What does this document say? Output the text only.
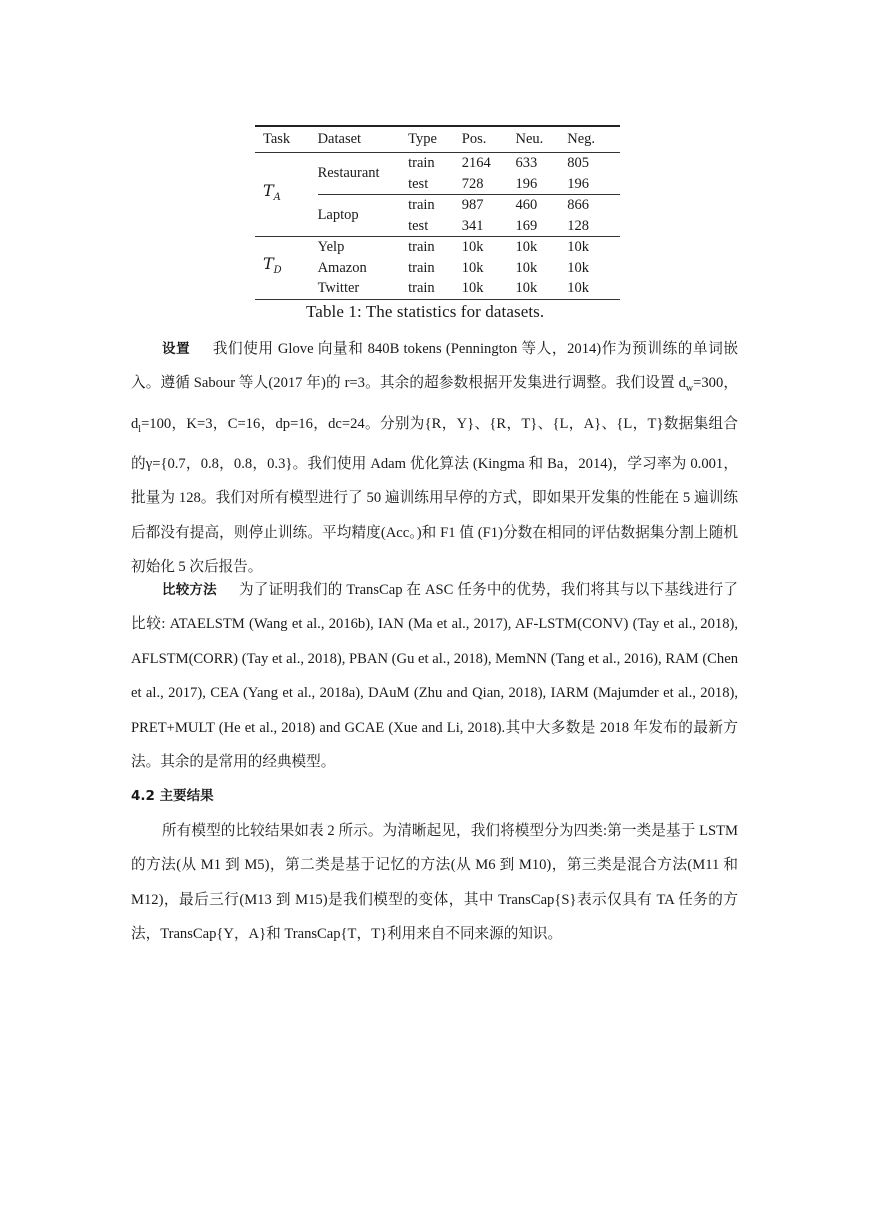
Task	Dataset	Type	Pos.	Neu.	Neg.
$T_A$	Restaurant	train	2164	633	805
		test	728	196	196
	Laptop	train	987	460	866
		test	341	169	128
$T_D$	Yelp	train	10k	10k	10k
	Amazon	train	10k	10k	10k
	Twitter	train	10k	10k	10k
Table 1: The statistics for datasets.

设置 我们使用 Glove 向量和 840B tokens (Pennington 等人，2014)作为预训练的单词嵌入。遵循 Sabour 等人(2017 年)的 r=3。其余的超参数根据开发集进行调整。我们设置 $d_w=300$，$d_l=100$，K=3，C=16，dp=16，dc=24。分别为{R，Y}、{R，T}、{L，A}、{L，T}数据集组合的γ={0.7，0.8，0.8，0.3}。我们使用 Adam 优化算法 (Kingma 和 Ba，2014)，学习率为 0.001，批量为 128。我们对所有模型进行了 50 遍训练用早停的方式，即如果开发集的性能在 5 遍训练后都没有提高，则停止训练。平均精度(Acc。)和 F1 值 (F1)分数在相同的评估数据集分割上随机初始化 5 次后报告。

比较方法 为了证明我们的 TransCap 在 ASC 任务中的优势，我们将其与以下基线进行了比较: ATAELSTM (Wang et al., 2016b), IAN (Ma et al., 2017), AF-LSTM(CONV) (Tay et al., 2018), AFLSTM(CORR) (Tay et al., 2018), PBAN (Gu et al., 2018), MemNN (Tang et al., 2016), RAM (Chen et al., 2017), CEA (Yang et al., 2018a), DAuM (Zhu and Qian, 2018), IARM (Majumder et al., 2018), PRET+MULT (He et al., 2018) and GCAE (Xue and Li, 2018).其中大多数是 2018 年发布的最新方法。其余的是常用的经典模型。

4.2 主要结果

所有模型的比较结果如表 2 所示。为清晰起见，我们将模型分为四类:第一类是基于 LSTM 的方法(从 M1 到 M5)，第二类是基于记忆的方法(从 M6 到 M10)，第三类是混合方法(M11 和 M12)，最后三行(M13 到 M15)是我们模型的变体，其中 TransCap{S}表示仅具有 TA 任务的方法，TransCap{Y，A}和 TransCap{T，T}利用来自不同来源的知识。
